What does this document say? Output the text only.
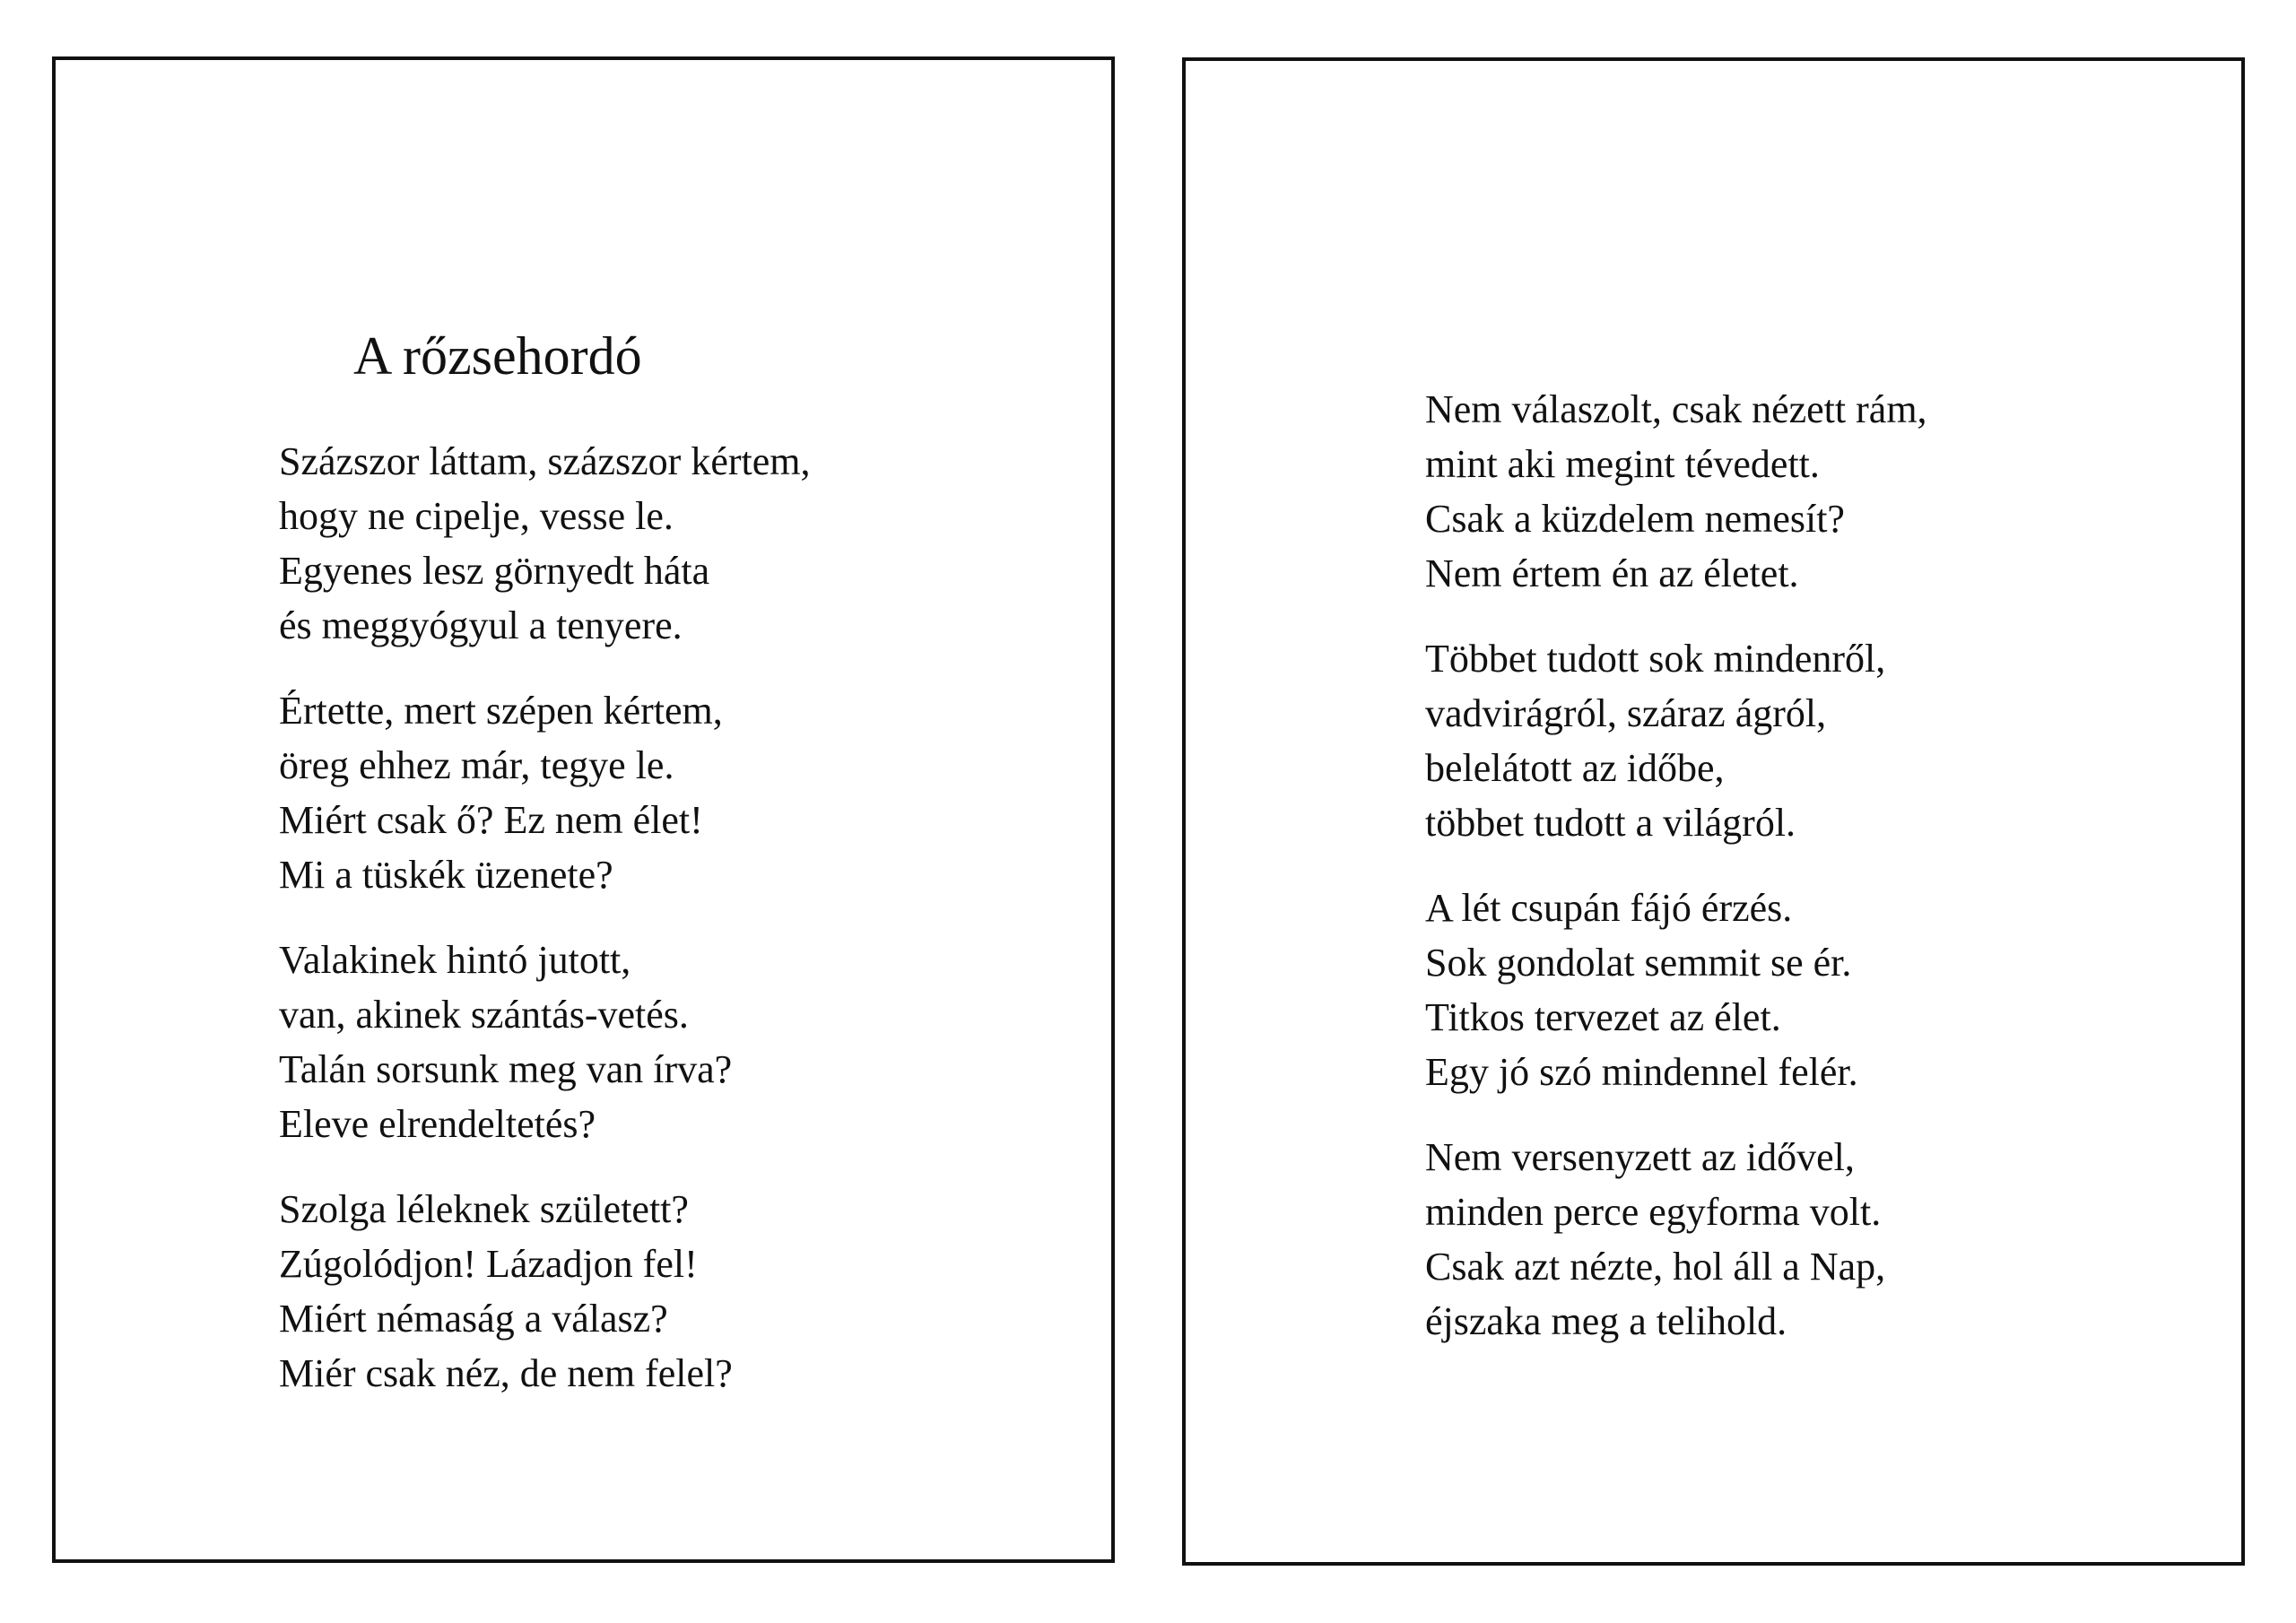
A rőzsehordó
Százszor láttam, százszor kértem,
hogy ne cipelje, vesse le.
Egyenes lesz görnyedt háta
és meggyógyul a tenyere.
Értette, mert szépen kértem,
öreg ehhez már, tegye le.
Miért csak ő? Ez nem élet!
Mi a tüskék üzenete?
Valakinek hintó jutott,
van, akinek szántás-vetés.
Talán sorsunk meg van írva?
Eleve elrendeltetés?
Szolga léleknek született?
Zúgolódjon! Lázadjon fel!
Miért némaság a válasz?
Miér csak néz, de nem felel?
Nem válaszolt, csak nézett rám,
mint aki megint tévedett.
Csak a küzdelem nemesít?
Nem értem én az életet.
Többet tudott sok mindenről,
vadvirágról, száraz ágról,
belelátott az időbe,
többet tudott a világról.
A lét csupán fájó érzés.
Sok gondolat semmit se ér.
Titkos tervezet az élet.
Egy jó szó mindennel felér.
Nem versenyzett az idővel,
minden perce egyforma volt.
Csak azt nézte, hol áll a Nap,
éjszaka meg a telihold.
